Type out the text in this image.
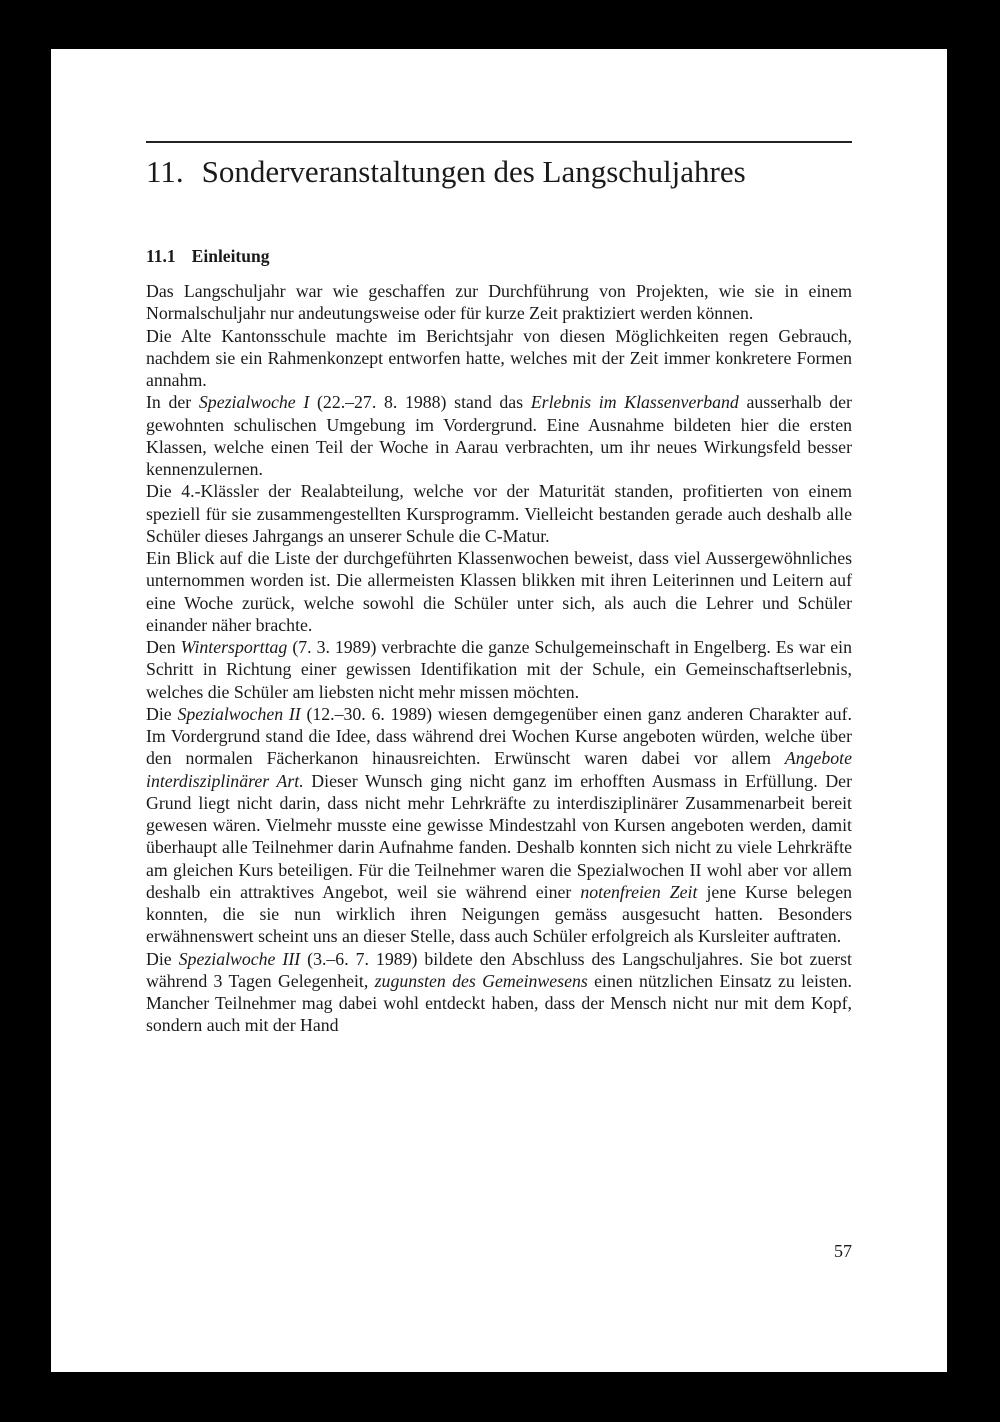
11. Sonderveranstaltungen des Langschuljahres
11.1 Einleitung

Das Langschuljahr war wie geschaffen zur Durchführung von Projekten, wie sie in einem Normalschuljahr nur andeutungsweise oder für kurze Zeit praktiziert werden können.

Die Alte Kantonsschule machte im Berichtsjahr von diesen Möglichkeiten regen Gebrauch, nachdem sie ein Rahmenkonzept entworfen hatte, welches mit der Zeit immer konkretere Formen annahm.

In der Spezialwoche I (22.–27. 8. 1988) stand das Erlebnis im Klassenverband ausserhalb der gewohnten schulischen Umgebung im Vordergrund. Eine Ausnahme bildeten hier die ersten Klassen, welche einen Teil der Woche in Aarau verbrachten, um ihr neues Wirkungsfeld besser kennenzulernen.

Die 4.-Klässler der Realabteilung, welche vor der Maturität standen, profitierten von einem speziell für sie zusammengestellten Kursprogramm. Vielleicht bestanden gerade auch deshalb alle Schüler dieses Jahrgangs an unserer Schule die C-Matur.

Ein Blick auf die Liste der durchgeführten Klassenwochen beweist, dass viel Aussergewöhnliches unternommen worden ist. Die allermeisten Klassen blikken mit ihren Leiterinnen und Leitern auf eine Woche zurück, welche sowohl die Schüler unter sich, als auch die Lehrer und Schüler einander näher brachte.

Den Wintersporttag (7. 3. 1989) verbrachte die ganze Schulgemeinschaft in Engelberg. Es war ein Schritt in Richtung einer gewissen Identifikation mit der Schule, ein Gemeinschaftserlebnis, welches die Schüler am liebsten nicht mehr missen möchten.

Die Spezialwochen II (12.–30. 6. 1989) wiesen demgegenüber einen ganz anderen Charakter auf. Im Vordergrund stand die Idee, dass während drei Wochen Kurse angeboten würden, welche über den normalen Fächerkanon hinausreichten. Erwünscht waren dabei vor allem Angebote interdisziplinärer Art. Dieser Wunsch ging nicht ganz im erhofften Ausmass in Erfüllung. Der Grund liegt nicht darin, dass nicht mehr Lehrkräfte zu interdisziplinärer Zusammenarbeit bereit gewesen wären. Vielmehr musste eine gewisse Mindestzahl von Kursen angeboten werden, damit überhaupt alle Teilnehmer darin Aufnahme fanden. Deshalb konnten sich nicht zu viele Lehrkräfte am gleichen Kurs beteiligen. Für die Teilnehmer waren die Spezialwochen II wohl aber vor allem deshalb ein attraktives Angebot, weil sie während einer notenfreien Zeit jene Kurse belegen konnten, die sie nun wirklich ihren Neigungen gemäss ausgesucht hatten. Besonders erwähnenswert scheint uns an dieser Stelle, dass auch Schüler erfolgreich als Kursleiter auftraten.

Die Spezialwoche III (3.–6. 7. 1989) bildete den Abschluss des Langschuljahres. Sie bot zuerst während 3 Tagen Gelegenheit, zugunsten des Gemeinwesens einen nützlichen Einsatz zu leisten. Mancher Teilnehmer mag dabei wohl entdeckt haben, dass der Mensch nicht nur mit dem Kopf, sondern auch mit der Hand

57
